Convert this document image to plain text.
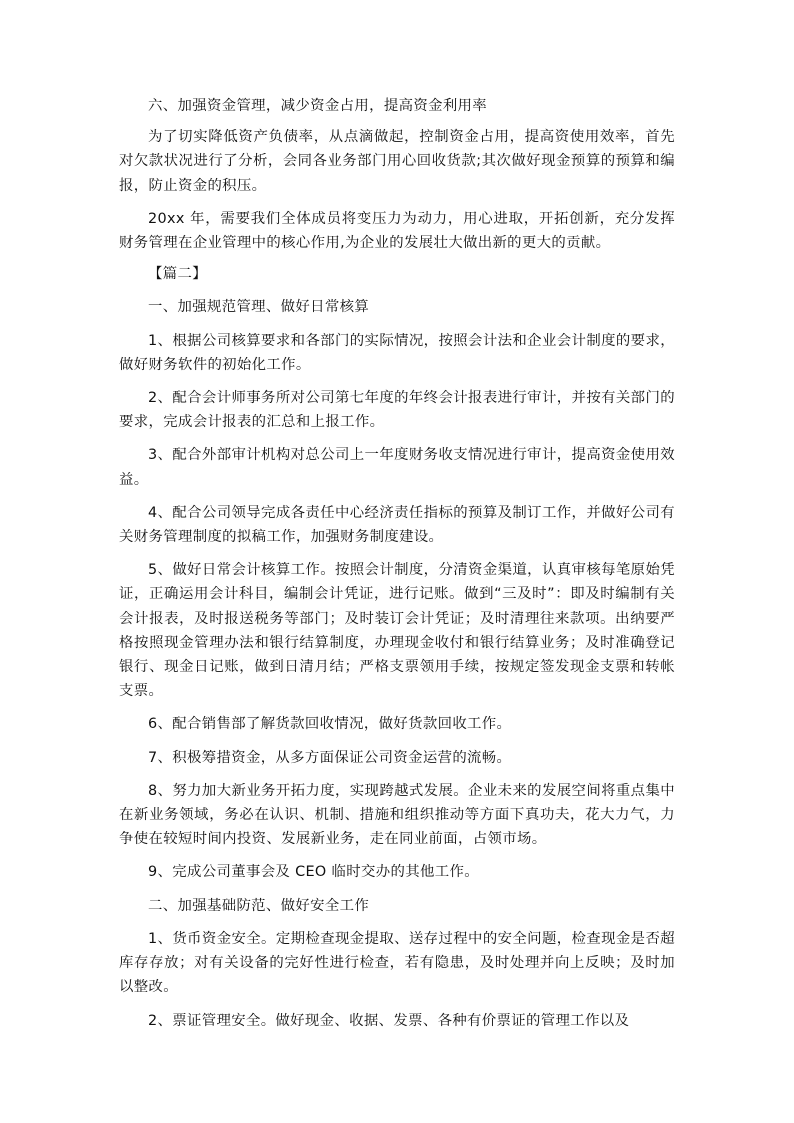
六、加强资金管理，减少资金占用，提高资金利用率

为了切实降低资产负债率，从点滴做起，控制资金占用，提高资使用效率，首先对欠款状况进行了分析，会同各业务部门用心回收货款;其次做好现金预算的预算和编报，防止资金的积压。

20xx 年，需要我们全体成员将变压力为动力，用心进取，开拓创新，充分发挥财务管理在企业管理中的核心作用,为企业的发展壮大做出新的更大的贡献。

【篇二】

一、加强规范管理、做好日常核算

1、根据公司核算要求和各部门的实际情况，按照会计法和企业会计制度的要求，做好财务软件的初始化工作。

2、配合会计师事务所对公司第七年度的年终会计报表进行审计，并按有关部门的要求，完成会计报表的汇总和上报工作。

3、配合外部审计机构对总公司上一年度财务收支情况进行审计，提高资金使用效益。

4、配合公司领导完成各责任中心经济责任指标的预算及制订工作，并做好公司有关财务管理制度的拟稿工作，加强财务制度建设。

5、做好日常会计核算工作。按照会计制度，分清资金渠道，认真审核每笔原始凭证，正确运用会计科目，编制会计凭证，进行记账。做到“三及时”：即及时编制有关会计报表，及时报送税务等部门；及时装订会计凭证；及时清理往来款项。出纳要严格按照现金管理办法和银行结算制度，办理现金收付和银行结算业务；及时准确登记银行、现金日记账，做到日清月结；严格支票领用手续，按规定签发现金支票和转帐支票。

6、配合销售部了解货款回收情况，做好货款回收工作。

7、积极筹措资金，从多方面保证公司资金运营的流畅。

8、努力加大新业务开拓力度，实现跨越式发展。企业未来的发展空间将重点集中在新业务领域，务必在认识、机制、措施和组织推动等方面下真功夫，花大力气，力争使在较短时间内投资、发展新业务，走在同业前面，占领市场。

9、完成公司董事会及 CEO 临时交办的其他工作。

二、加强基础防范、做好安全工作

1、货币资金安全。定期检查现金提取、送存过程中的安全问题，检查现金是否超库存存放；对有关设备的完好性进行检查，若有隐患，及时处理并向上反映；及时加以整改。

2、票证管理安全。做好现金、收据、发票、各种有价票证的管理工作以及
